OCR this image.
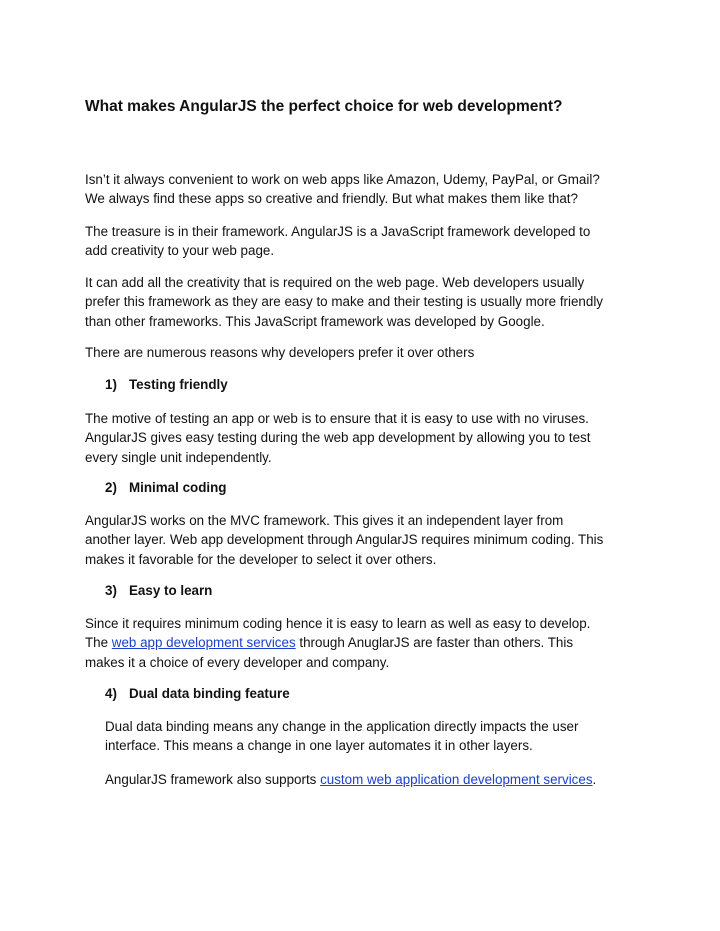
What makes AngularJS the perfect choice for web development?

Isn’t it always convenient to work on web apps like Amazon, Udemy, PayPal, or Gmail?
We always find these apps so creative and friendly. But what makes them like that?

The treasure is in their framework. AngularJS is a JavaScript framework developed to
add creativity to your web page.

It can add all the creativity that is required on the web page. Web developers usually
prefer this framework as they are easy to make and their testing is usually more friendly
than other frameworks. This JavaScript framework was developed by Google.

There are numerous reasons why developers prefer it over others

1) Testing friendly

The motive of testing an app or web is to ensure that it is easy to use with no viruses.
AngularJS gives easy testing during the web app development by allowing you to test
every single unit independently.

2) Minimal coding

AngularJS works on the MVC framework. This gives it an independent layer from
another layer. Web app development through AngularJS requires minimum coding. This
makes it favorable for the developer to select it over others.

3) Easy to learn

Since it requires minimum coding hence it is easy to learn as well as easy to develop.
The web app development services through AnuglarJS are faster than others. This
makes it a choice of every developer and company.

4) Dual data binding feature

Dual data binding means any change in the application directly impacts the user
interface. This means a change in one layer automates it in other layers.

AngularJS framework also supports custom web application development services.
